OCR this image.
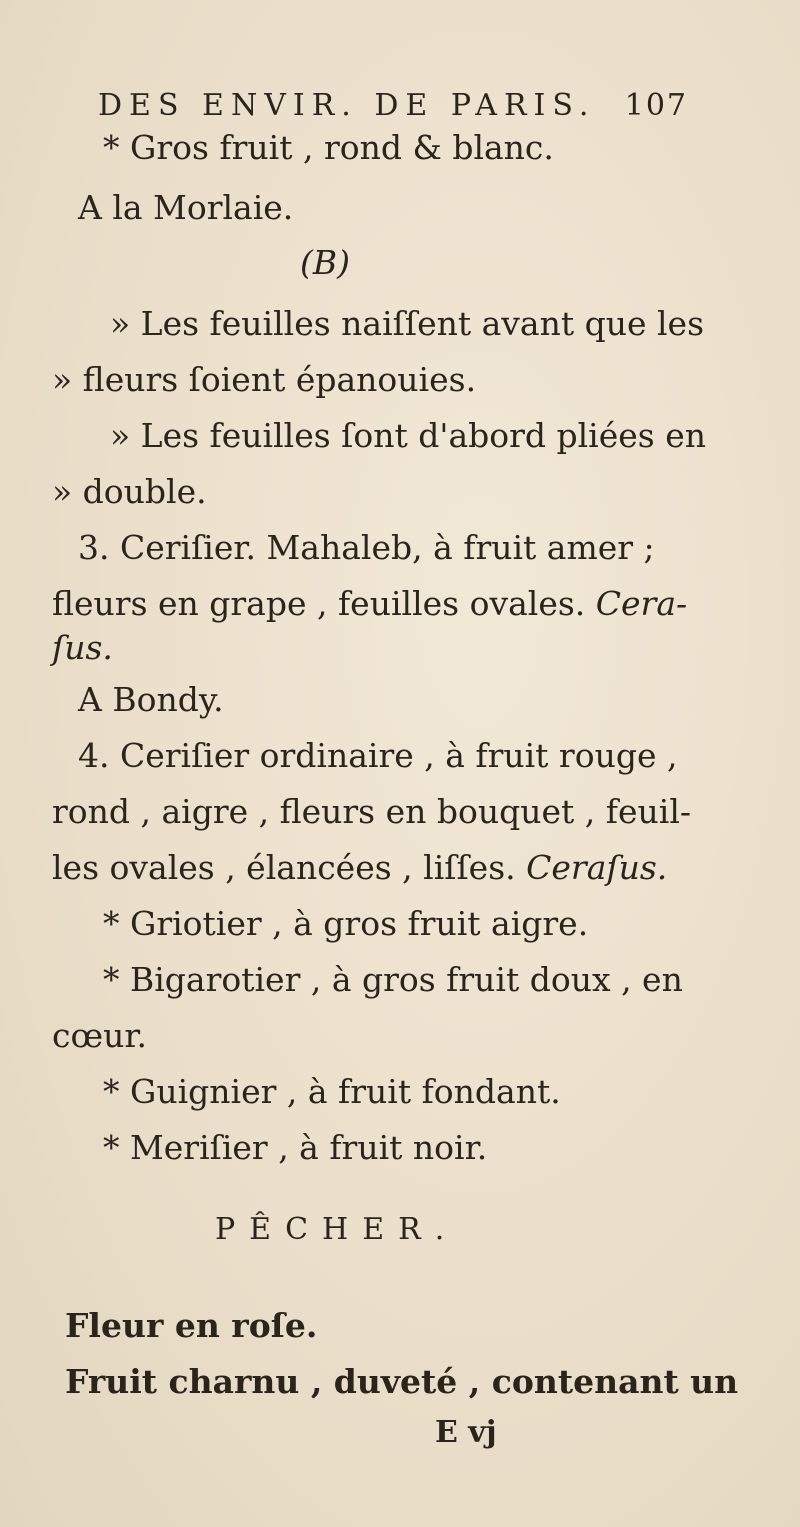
DES ENVIR. DE PARIS. 107
* Gros fruit , rond & blanc.
A la Morlaie.
(B)
» Les feuilles naiſſent avant que les
» fleurs ſoient épanouies.
» Les feuilles ſont d'abord pliées en
» double.
3. Ceriſier. Mahaleb, à fruit amer ;
fleurs en grape , feuilles ovales. Cera-
ſus.
A Bondy.
4. Ceriſier ordinaire , à fruit rouge ,
rond , aigre , fleurs en bouquet , feuil-
les ovales , élancées , liſſes. Ceraſus.
* Griotier , à gros fruit aigre.
* Bigarotier , à gros fruit doux , en
cœur.
* Guignier , à fruit fondant.
* Meriſier , à fruit noir.
PÊCHER.
Fleur en roſe.
Fruit charnu , duveté , contenant un
E vj
